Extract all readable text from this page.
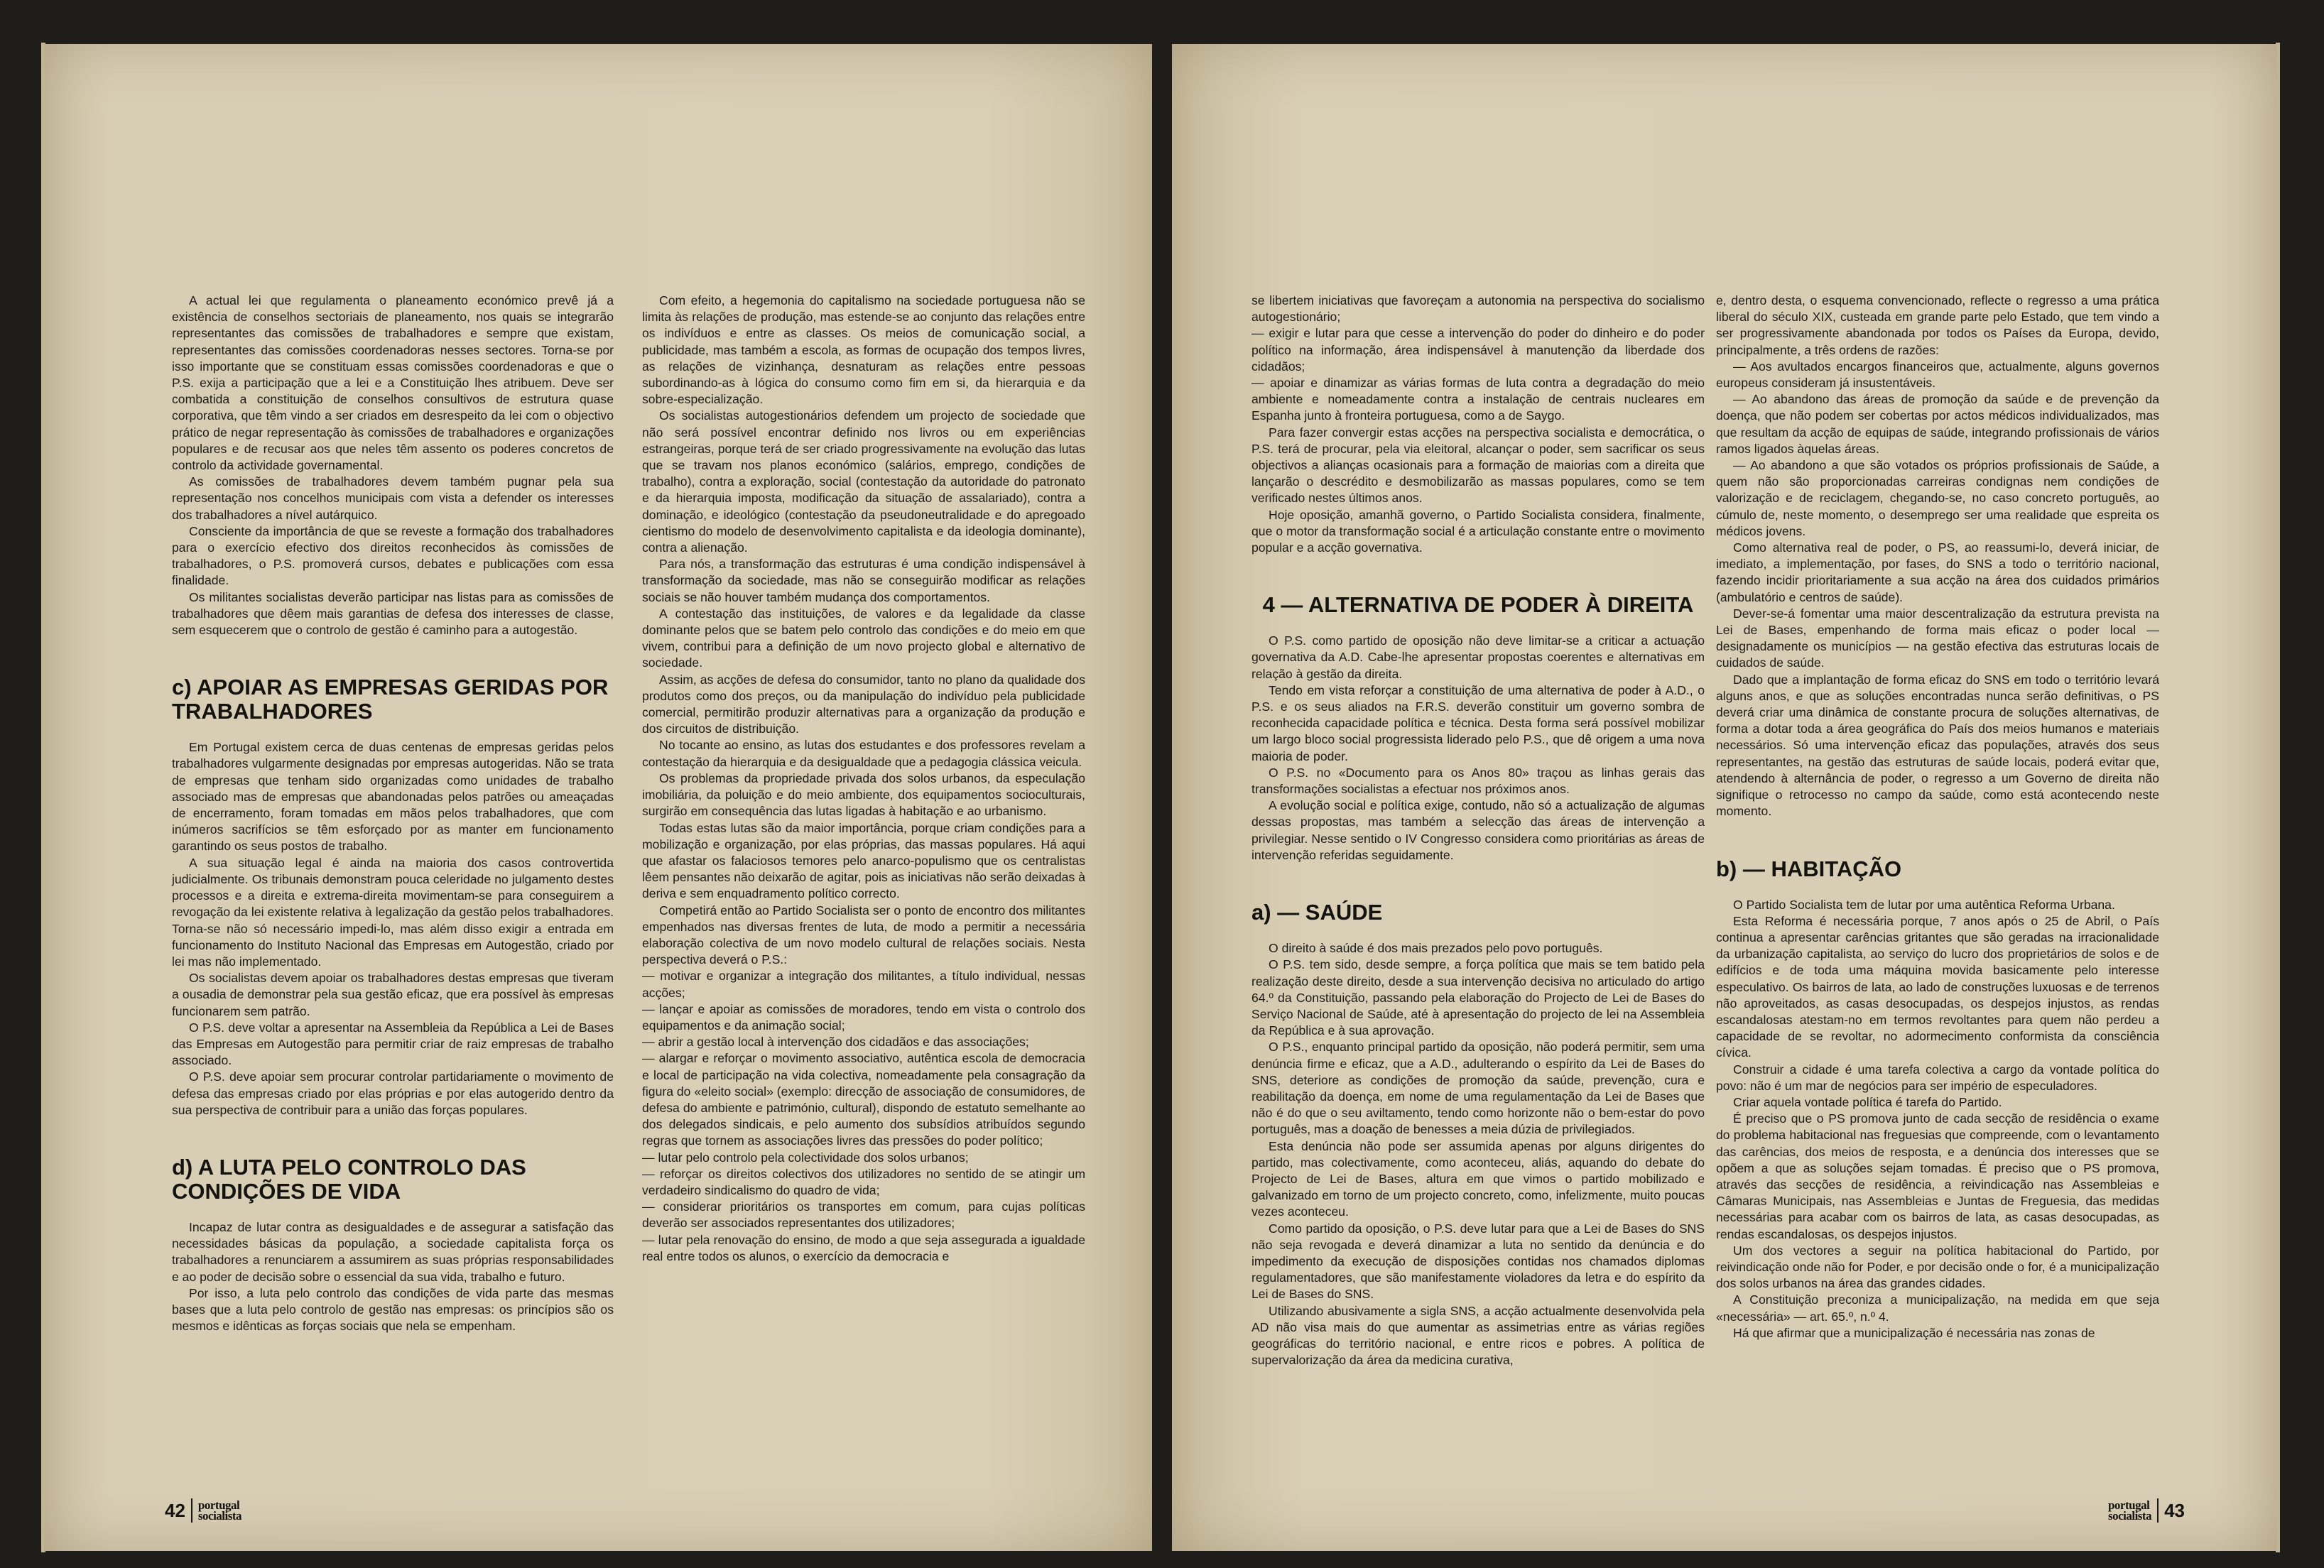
A actual lei que regulamenta o planeamento económico prevê já a existência de conselhos sectoriais de planeamento, nos quais se integrarão representantes das comissões de trabalhadores e sempre que existam, representantes das comissões coordenadoras nesses sectores. Torna-se por isso importante que se constituam essas comissões coordenadoras e que o P.S. exija a participação que a lei e a Constituição lhes atribuem. Deve ser combatida a constituição de conselhos consultivos de estrutura quase corporativa, que têm vindo a ser criados em desrespeito da lei com o objectivo prático de negar representação às comissões de trabalhadores e organizações populares e de recusar aos que neles têm assento os poderes concretos de controlo da actividade governamental.

As comissões de trabalhadores devem também pugnar pela sua representação nos concelhos municipais com vista a defender os interesses dos trabalhadores a nível autárquico.

Consciente da importância de que se reveste a formação dos trabalhadores para o exercício efectivo dos direitos reconhecidos às comissões de trabalhadores, o P.S. promoverá cursos, debates e publicações com essa finalidade.

Os militantes socialistas deverão participar nas listas para as comissões de trabalhadores que dêem mais garantias de defesa dos interesses de classe, sem esquecerem que o controlo de gestão é caminho para a autogestão.

c) APOIAR AS EMPRESAS GERIDAS POR TRABALHADORES

Em Portugal existem cerca de duas centenas de empresas geridas pelos trabalhadores vulgarmente designadas por empresas autogeridas. Não se trata de empresas que tenham sido organizadas como unidades de trabalho associado mas de empresas que abandonadas pelos patrões ou ameaçadas de encerramento, foram tomadas em mãos pelos trabalhadores, que com inúmeros sacrifícios se têm esforçado por as manter em funcionamento garantindo os seus postos de trabalho.

A sua situação legal é ainda na maioria dos casos controvertida judicialmente. Os tribunais demonstram pouca celeridade no julgamento destes processos e a direita e extrema-direita movimentam-se para conseguirem a revogação da lei existente relativa à legalização da gestão pelos trabalhadores. Torna-se não só necessário impedi-lo, mas além disso exigir a entrada em funcionamento do Instituto Nacional das Empresas em Autogestão, criado por lei mas não implementado.

Os socialistas devem apoiar os trabalhadores destas empresas que tiveram a ousadia de demonstrar pela sua gestão eficaz, que era possível às empresas funcionarem sem patrão.

O P.S. deve voltar a apresentar na Assembleia da República a Lei de Bases das Empresas em Autogestão para permitir criar de raiz empresas de trabalho associado.

O P.S. deve apoiar sem procurar controlar partidariamente o movimento de defesa das empresas criado por elas próprias e por elas autogerido dentro da sua perspectiva de contribuir para a união das forças populares.

d) A LUTA PELO CONTROLO DAS CONDIÇÕES DE VIDA

Incapaz de lutar contra as desigualdades e de assegurar a satisfação das necessidades básicas da população, a sociedade capitalista força os trabalhadores a renunciarem a assumirem as suas próprias responsabilidades e ao poder de decisão sobre o essencial da sua vida, trabalho e futuro.

Por isso, a luta pelo controlo das condições de vida parte das mesmas bases que a luta pelo controlo de gestão nas empresas: os princípios são os mesmos e idênticas as forças sociais que nela se empenham.

Com efeito, a hegemonia do capitalismo na sociedade portuguesa não se limita às relações de produção, mas estende-se ao conjunto das relações entre os indivíduos e entre as classes. Os meios de comunicação social, a publicidade, mas também a escola, as formas de ocupação dos tempos livres, as relações de vizinhança, desnaturam as relações entre pessoas subordinando-as à lógica do consumo como fim em si, da hierarquia e da sobre-especialização.

Os socialistas autogestionários defendem um projecto de sociedade que não será possível encontrar definido nos livros ou em experiências estrangeiras, porque terá de ser criado progressivamente na evolução das lutas que se travam nos planos económico (salários, emprego, condições de trabalho), contra a exploração, social (contestação da autoridade do patronato e da hierarquia imposta, modificação da situação de assalariado), contra a dominação, e ideológico (contestação da pseudoneutralidade e do apregoado cientismo do modelo de desenvolvimento capitalista e da ideologia dominante), contra a alienação.

Para nós, a transformação das estruturas é uma condição indispensável à transformação da sociedade, mas não se conseguirão modificar as relações sociais se não houver também mudança dos comportamentos.

A contestação das instituições, de valores e da legalidade da classe dominante pelos que se batem pelo controlo das condições e do meio em que vivem, contribui para a definição de um novo projecto global e alternativo de sociedade.

Assim, as acções de defesa do consumidor, tanto no plano da qualidade dos produtos como dos preços, ou da manipulação do indivíduo pela publicidade comercial, permitirão produzir alternativas para a organização da produção e dos circuitos de distribuição.

No tocante ao ensino, as lutas dos estudantes e dos professores revelam a contestação da hierarquia e da desigualdade que a pedagogia clássica veicula.

Os problemas da propriedade privada dos solos urbanos, da especulação imobiliária, da poluição e do meio ambiente, dos equipamentos socioculturais, surgirão em consequência das lutas ligadas à habitação e ao urbanismo.

Todas estas lutas são da maior importância, porque criam condições para a mobilização e organização, por elas próprias, das massas populares. Há aqui que afastar os falaciosos temores pelo anarco-populismo que os centralistas lêem pensantes não deixarão de agitar, pois as iniciativas não serão deixadas à deriva e sem enquadramento político correcto.

Competirá então ao Partido Socialista ser o ponto de encontro dos militantes empenhados nas diversas frentes de luta, de modo a permitir a necessária elaboração colectiva de um novo modelo cultural de relações sociais. Nesta perspectiva deverá o P.S.:

— motivar e organizar a integração dos militantes, a título individual, nessas acções;

— lançar e apoiar as comissões de moradores, tendo em vista o controlo dos equipamentos e da animação social;

— abrir a gestão local à intervenção dos cidadãos e das associações;

— alargar e reforçar o movimento associativo, autêntica escola de democracia e local de participação na vida colectiva, nomeadamente pela consagração da figura do «eleito social» (exemplo: direcção de associação de consumidores, de defesa do ambiente e património, cultural), dispondo de estatuto semelhante ao dos delegados sindicais, e pelo aumento dos subsídios atribuídos segundo regras que tornem as associações livres das pressões do poder político;

— lutar pelo controlo pela colectividade dos solos urbanos;

— reforçar os direitos colectivos dos utilizadores no sentido de se atingir um verdadeiro sindicalismo do quadro de vida;

— considerar prioritários os transportes em comum, para cujas políticas deverão ser associados representantes dos utilizadores;

— lutar pela renovação do ensino, de modo a que seja assegurada a igualdade real entre todos os alunos, o exercício da democracia e

42 portugal
socialista

se libertem iniciativas que favoreçam a autonomia na perspectiva do socialismo autogestionário;

— exigir e lutar para que cesse a intervenção do poder do dinheiro e do poder político na informação, área indispensável à manutenção da liberdade dos cidadãos;

— apoiar e dinamizar as várias formas de luta contra a degradação do meio ambiente e nomeadamente contra a instalação de centrais nucleares em Espanha junto à fronteira portuguesa, como a de Saygo.

Para fazer convergir estas acções na perspectiva socialista e democrática, o P.S. terá de procurar, pela via eleitoral, alcançar o poder, sem sacrificar os seus objectivos a alianças ocasionais para a formação de maiorias com a direita que lançarão o descrédito e desmobilizarão as massas populares, como se tem verificado nestes últimos anos.

Hoje oposição, amanhã governo, o Partido Socialista considera, finalmente, que o motor da transformação social é a articulação constante entre o movimento popular e a acção governativa.

4 — ALTERNATIVA DE PODER À DIREITA

O P.S. como partido de oposição não deve limitar-se a criticar a actuação governativa da A.D. Cabe-lhe apresentar propostas coerentes e alternativas em relação à gestão da direita.

Tendo em vista reforçar a constituição de uma alternativa de poder à A.D., o P.S. e os seus aliados na F.R.S. deverão constituir um governo sombra de reconhecida capacidade política e técnica. Desta forma será possível mobilizar um largo bloco social progressista liderado pelo P.S., que dê origem a uma nova maioria de poder.

O P.S. no «Documento para os Anos 80» traçou as linhas gerais das transformações socialistas a efectuar nos próximos anos.

A evolução social e política exige, contudo, não só a actualização de algumas dessas propostas, mas também a selecção das áreas de intervenção a privilegiar. Nesse sentido o IV Congresso considera como prioritárias as áreas de intervenção referidas seguidamente.

a) — SAÚDE

O direito à saúde é dos mais prezados pelo povo português.

O P.S. tem sido, desde sempre, a força política que mais se tem batido pela realização deste direito, desde a sua intervenção decisiva no articulado do artigo 64.º da Constituição, passando pela elaboração do Projecto de Lei de Bases do Serviço Nacional de Saúde, até à apresentação do projecto de lei na Assembleia da República e à sua aprovação.

O P.S., enquanto principal partido da oposição, não poderá permitir, sem uma denúncia firme e eficaz, que a A.D., adulterando o espírito da Lei de Bases do SNS, deteriore as condições de promoção da saúde, prevenção, cura e reabilitação da doença, em nome de uma regulamentação da Lei de Bases que não é do que o seu aviltamento, tendo como horizonte não o bem-estar do povo português, mas a doação de benesses a meia dúzia de privilegiados.

Esta denúncia não pode ser assumida apenas por alguns dirigentes do partido, mas colectivamente, como aconteceu, aliás, aquando do debate do Projecto de Lei de Bases, altura em que vimos o partido mobilizado e galvanizado em torno de um projecto concreto, como, infelizmente, muito poucas vezes aconteceu.

Como partido da oposição, o P.S. deve lutar para que a Lei de Bases do SNS não seja revogada e deverá dinamizar a luta no sentido da denúncia e do impedimento da execução de disposições contidas nos chamados diplomas regulamentadores, que são manifestamente violadores da letra e do espírito da Lei de Bases do SNS.

Utilizando abusivamente a sigla SNS, a acção actualmente desenvolvida pela AD não visa mais do que aumentar as assimetrias entre as várias regiões geográficas do território nacional, e entre ricos e pobres. A política de supervalorização da área da medicina curativa,

e, dentro desta, o esquema convencionado, reflecte o regresso a uma prática liberal do século XIX, custeada em grande parte pelo Estado, que tem vindo a ser progressivamente abandonada por todos os Países da Europa, devido, principalmente, a três ordens de razões:

— Aos avultados encargos financeiros que, actualmente, alguns governos europeus consideram já insustentáveis.

— Ao abandono das áreas de promoção da saúde e de prevenção da doença, que não podem ser cobertas por actos médicos individualizados, mas que resultam da acção de equipas de saúde, integrando profissionais de vários ramos ligados àquelas áreas.

— Ao abandono a que são votados os próprios profissionais de Saúde, a quem não são proporcionadas carreiras condignas nem condições de valorização e de reciclagem, chegando-se, no caso concreto português, ao cúmulo de, neste momento, o desemprego ser uma realidade que espreita os médicos jovens.

Como alternativa real de poder, o PS, ao reassumi-lo, deverá iniciar, de imediato, a implementação, por fases, do SNS a todo o território nacional, fazendo incidir prioritariamente a sua acção na área dos cuidados primários (ambulatório e centros de saúde).

Dever-se-á fomentar uma maior descentralização da estrutura prevista na Lei de Bases, empenhando de forma mais eficaz o poder local — designadamente os municípios — na gestão efectiva das estruturas locais de cuidados de saúde.

Dado que a implantação de forma eficaz do SNS em todo o território levará alguns anos, e que as soluções encontradas nunca serão definitivas, o PS deverá criar uma dinâmica de constante procura de soluções alternativas, de forma a dotar toda a área geográfica do País dos meios humanos e materiais necessários. Só uma intervenção eficaz das populações, através dos seus representantes, na gestão das estruturas de saúde locais, poderá evitar que, atendendo à alternância de poder, o regresso a um Governo de direita não signifique o retrocesso no campo da saúde, como está acontecendo neste momento.

b) — HABITAÇÃO

O Partido Socialista tem de lutar por uma autêntica Reforma Urbana.

Esta Reforma é necessária porque, 7 anos após o 25 de Abril, o País continua a apresentar carências gritantes que são geradas na irracionalidade da urbanização capitalista, ao serviço do lucro dos proprietários de solos e de edifícios e de toda uma máquina movida basicamente pelo interesse especulativo. Os bairros de lata, ao lado de construções luxuosas e de terrenos não aproveitados, as casas desocupadas, os despejos injustos, as rendas escandalosas atestam-no em termos revoltantes para quem não perdeu a capacidade de se revoltar, no adormecimento conformista da consciência cívica.

Construir a cidade é uma tarefa colectiva a cargo da vontade política do povo: não é um mar de negócios para ser império de especuladores.

Criar aquela vontade política é tarefa do Partido.

É preciso que o PS promova junto de cada secção de residência o exame do problema habitacional nas freguesias que compreende, com o levantamento das carências, dos meios de resposta, e a denúncia dos interesses que se opõem a que as soluções sejam tomadas. É preciso que o PS promova, através das secções de residência, a reivindicação nas Assembleias e Câmaras Municipais, nas Assembleias e Juntas de Freguesia, das medidas necessárias para acabar com os bairros de lata, as casas desocupadas, as rendas escandalosas, os despejos injustos.

Um dos vectores a seguir na política habitacional do Partido, por reivindicação onde não for Poder, e por decisão onde o for, é a municipalização dos solos urbanos na área das grandes cidades.

A Constituição preconiza a municipalização, na medida em que seja «necessária» — art. 65.º, n.º 4.

Há que afirmar que a municipalização é necessária nas zonas de

portugal
socialista 43
